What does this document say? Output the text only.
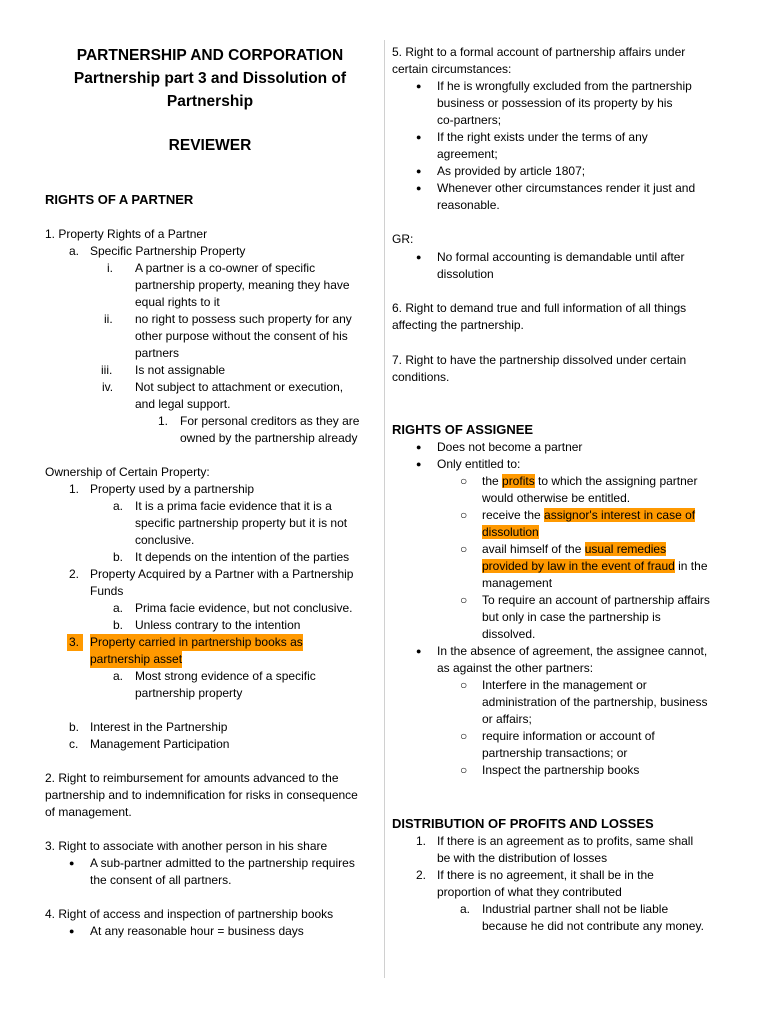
PARTNERSHIP AND CORPORATION
Partnership part 3 and Dissolution of
Partnership
REVIEWER
RIGHTS OF A PARTNER
1. Property Rights of a Partner
a. Specific Partnership Property
i. A partner is a co-owner of specific
partnership property, meaning they have
equal rights to it
ii. no right to possess such property for any
other purpose without the consent of his
partners
iii. Is not assignable
iv. Not subject to attachment or execution,
and legal support.
1. For personal creditors as they are
owned by the partnership already
Ownership of Certain Property:
1. Property used by a partnership
a. It is a prima facie evidence that it is a
specific partnership property but it is not
conclusive.
b. It depends on the intention of the parties
2. Property Acquired by a Partner with a Partnership
Funds
a. Prima facie evidence, but not conclusive.
b. Unless contrary to the intention
3. Property carried in partnership books as
partnership asset
a. Most strong evidence of a specific
partnership property
b. Interest in the Partnership
c. Management Participation
2. Right to reimbursement for amounts advanced to the
partnership and to indemnification for risks in consequence
of management.
3. Right to associate with another person in his share
● A sub-partner admitted to the partnership requires
the consent of all partners.
4. Right of access and inspection of partnership books
● At any reasonable hour = business days
5. Right to a formal account of partnership affairs under
certain circumstances:
● If he is wrongfully excluded from the partnership
business or possession of its property by his
co-partners;
● If the right exists under the terms of any
agreement;
● As provided by article 1807;
● Whenever other circumstances render it just and
reasonable.
GR:
● No formal accounting is demandable until after
dissolution
6. Right to demand true and full information of all things
affecting the partnership.
7. Right to have the partnership dissolved under certain
conditions.
RIGHTS OF ASSIGNEE
● Does not become a partner
● Only entitled to:
○ the profits to which the assigning partner
would otherwise be entitled.
○ receive the assignor's interest in case of
dissolution
○ avail himself of the usual remedies
provided by law in the event of fraud in the
management
○ To require an account of partnership affairs
but only in case the partnership is
dissolved.
● In the absence of agreement, the assignee cannot,
as against the other partners:
○ Interfere in the management or
administration of the partnership, business
or affairs;
○ require information or account of
partnership transactions; or
○ Inspect the partnership books
DISTRIBUTION OF PROFITS AND LOSSES
1. If there is an agreement as to profits, same shall
be with the distribution of losses
2. If there is no agreement, it shall be in the
proportion of what they contributed
a. Industrial partner shall not be liable
because he did not contribute any money.
